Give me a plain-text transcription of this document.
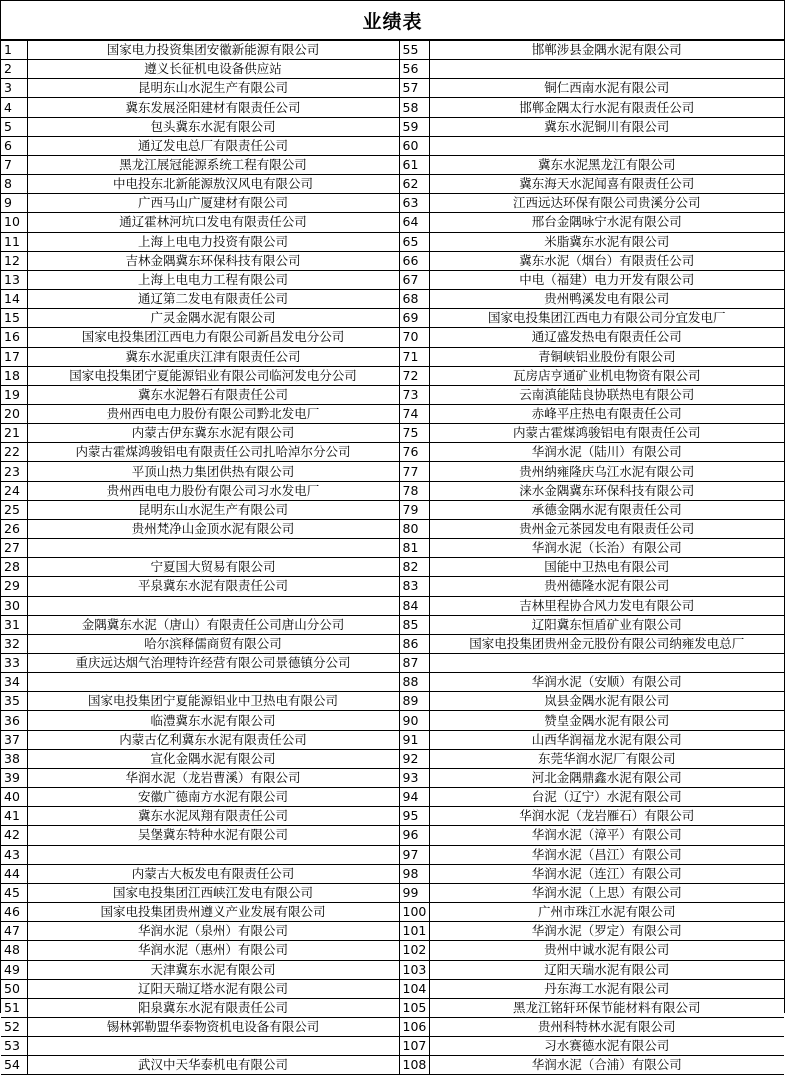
业绩表
1	国家电力投资集团安徽新能源有限公司	55	邯郸涉县金隅水泥有限公司
2	遵义长征机电设备供应站	56	
3	昆明东山水泥生产有限公司	57	铜仁西南水泥有限公司
4	冀东发展泾阳建材有限责任公司	58	邯郸金隅太行水泥有限责任公司
5	包头冀东水泥有限公司	59	冀东水泥铜川有限公司
6	通辽发电总厂有限责任公司	60	
7	黑龙江展冠能源系统工程有限公司	61	冀东水泥黑龙江有限公司
8	中电投东北新能源敖汉风电有限公司	62	冀东海天水泥闻喜有限责任公司
9	广西马山广厦建材有限公司	63	江西远达环保有限公司贵溪分公司
10	通辽霍林河坑口发电有限责任公司	64	邢台金隅咏宁水泥有限公司
11	上海上电电力投资有限公司	65	米脂冀东水泥有限公司
12	吉林金隅冀东环保科技有限公司	66	冀东水泥（烟台）有限责任公司
13	上海上电电力工程有限公司	67	中电（福建）电力开发有限公司
14	通辽第二发电有限责任公司	68	贵州鸭溪发电有限公司
15	广灵金隅水泥有限公司	69	国家电投集团江西电力有限公司分宜发电厂
16	国家电投集团江西电力有限公司新昌发电分公司	70	通辽盛发热电有限责任公司
17	冀东水泥重庆江津有限责任公司	71	青铜峡铝业股份有限公司
18	国家电投集团宁夏能源铝业有限公司临河发电分公司	72	瓦房店亨通矿业机电物资有限公司
19	冀东水泥磐石有限责任公司	73	云南滇能陆良协联热电有限公司
20	贵州西电电力股份有限公司黔北发电厂	74	赤峰平庄热电有限责任公司
21	内蒙古伊东冀东水泥有限公司	75	内蒙古霍煤鸿骏铝电有限责任公司
22	内蒙古霍煤鸿骏铝电有限责任公司扎哈淖尔分公司	76	华润水泥（陆川）有限公司
23	平顶山热力集团供热有限公司	77	贵州纳雍隆庆乌江水泥有限公司
24	贵州西电电力股份有限公司习水发电厂	78	涞水金隅冀东环保科技有限公司
25	昆明东山水泥生产有限公司	79	承德金隅水泥有限责任公司
26	贵州梵净山金顶水泥有限公司	80	贵州金元茶园发电有限责任公司
27		81	华润水泥（长治）有限公司
28	宁夏国大贸易有限公司	82	国能中卫热电有限公司
29	平泉冀东水泥有限责任公司	83	贵州德隆水泥有限公司
30		84	吉林里程协合风力发电有限公司
31	金隅冀东水泥（唐山）有限责任公司唐山分公司	85	辽阳冀东恒盾矿业有限公司
32	哈尔滨释儒商贸有限公司	86	国家电投集团贵州金元股份有限公司纳雍发电总厂
33	重庆远达烟气治理特许经营有限公司景德镇分公司	87	
34		88	华润水泥（安顺）有限公司
35	国家电投集团宁夏能源铝业中卫热电有限公司	89	岚县金隅水泥有限公司
36	临澧冀东水泥有限公司	90	赞皇金隅水泥有限公司
37	内蒙古亿利冀东水泥有限责任公司	91	山西华润福龙水泥有限公司
38	宣化金隅水泥有限公司	92	东莞华润水泥厂有限公司
39	华润水泥（龙岩曹溪）有限公司	93	河北金隅鼎鑫水泥有限公司
40	安徽广德南方水泥有限公司	94	台泥（辽宁）水泥有限公司
41	冀东水泥凤翔有限责任公司	95	华润水泥（龙岩雁石）有限公司
42	吴堡冀东特种水泥有限公司	96	华润水泥（漳平）有限公司
43		97	华润水泥（昌江）有限公司
44	内蒙古大板发电有限责任公司	98	华润水泥（连江）有限公司
45	国家电投集团江西峡江发电有限公司	99	华润水泥（上思）有限公司
46	国家电投集团贵州遵义产业发展有限公司	100	广州市珠江水泥有限公司
47	华润水泥（泉州）有限公司	101	华润水泥（罗定）有限公司
48	华润水泥（惠州）有限公司	102	贵州中诚水泥有限公司
49	天津冀东水泥有限公司	103	辽阳天瑞水泥有限公司
50	辽阳天瑞辽塔水泥有限公司	104	丹东海工水泥有限公司
51	阳泉冀东水泥有限责任公司	105	黑龙江铭轩环保节能材料有限公司
52	锡林郭勒盟华泰物资机电设备有限公司	106	贵州科特林水泥有限公司
53		107	习水赛德水泥有限公司
54	武汉中天华泰机电有限公司	108	华润水泥（合浦）有限公司
